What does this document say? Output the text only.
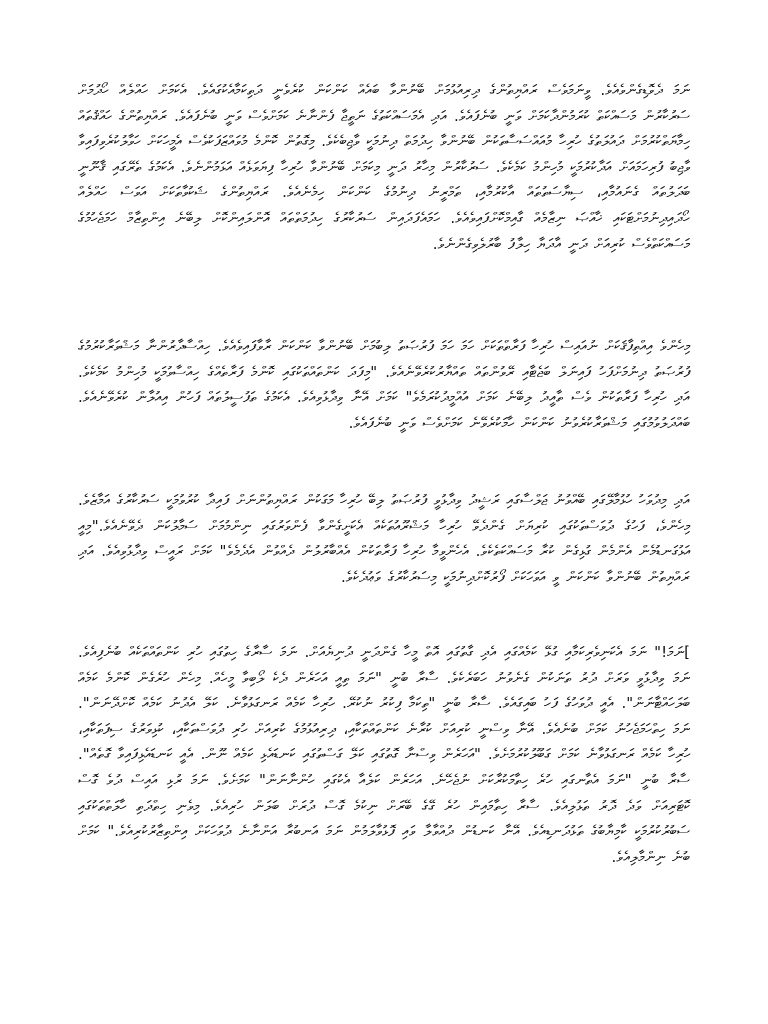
ނަމަ ދެވޮޑިގެންވެއެވެ. ވީނަމަވެސް ރައްޔިތުންގެ ދިރިއުޅުމަށް ބޭނުންވާ ބައެއް ކަންކަން ކުރެވެނީ ދަތިކަމާއެކުގައެވެ. އެކަމަށް ހައްލެއް ހޯދުމަށް ސަރުކާރުން މަސައްކަތް ކުރަމުންދާކަމަށް ވަނީ ބުނެފައެވެ. އަދި އެމަސައްކަތުގެ ނަތީޖާ ފެންނާނެ ކަމަށްވެސް ވަނީ ބުނެފައެވެ. ރައްޔިތުންގެ ހައްޤުތައް ހިމާޔަތްކުރުމަށް ދައުލަތުގެ ހުރިހާ މުއައްސަސާތަކުން ބޭނުންވާ ހިދުމަތް ދިނުމަކީ ވާޖިބެކެވެ. މިގޮތުން ކޮންމެ މުވައްޒަފަކުވެސް އެމީހަކަށް ހަވާލުކުރެވިފައިވާ ވާޖިބު ފުރިހަމައަށް އަދާކުރުމަކީ މުހިންމު ކަމެކެވެ. ސަރުކާރުން މިހާރު ދަނީ މިކަމަށް ބޭނުންވާ ހުރިހާ ފިޔަވަޅެއް އަޅަމުންނެވެ. އެކަމުގެ ތެރޭގައި ޤާނޫނީ ބަދަލުތައް ގެނައުމާއި، ސިޔާސަތުތައް އާކުރުމާއި، ތަމްރީނު ދިނުމުގެ ކަންކަން ހިމެނެއެވެ. ރައްޔިތުންގެ ޝަކުވާތަކަށް އަވަސް ހައްލެއް ހޯދައިދިނުމަށްޓަކައި ޚާއްޞަ ނިޒާމެއް ގާއިމްކޮށްފައިވެއެވެ. ހަމައެފަދައިން ސަރުކާރުގެ ހިދުމަތްތައް އޮންލައިންކޮށް ލިބޭނެ އިންތިޒާމް ހަމަޖެހުމުގެ މަސައްކަތްވެސް ކުރިއަށް ދަނީ އާދަޔާ ހިލާފު ބާރުލެވިގެންނެވެ.

މިހެންވެ އިއްތިފާޤަކަށް ނުއައިސް ހުރިހާ ފަރާތްތަކަށް ހަމަ ހަމަ ފުރުޞަތު ލިބުމަށް ބޭނުންވާ ކަންކަން ރާވާފައިވެއެވެ. ހިއްސާދާރުންނާ މަޝްވަރާކުރުމުގެ ފުރުޞަތު ދިނުމަށްފަހު ފައިނަލް ބަޖެޓާއި ރޭވުންތައް ތައްޔާރުކުރެވޭނެއެވެ. "މިފަދަ ކަންތައްތަކުގައި ކޮންމެ ފަރާތެއްގެ ހިއްސާވުމަކީ މުހިންމު ކަމެކެވެ. އަދި ހުރިހާ ފަރާތަކުން ވެސް ތާއީދު ލިބޭނެ ކަމަށް އުއްމީދުކުރަމެވެ" ކަމަށް އޭނާ ވިދާޅުވިއެވެ. އެކަމުގެ ތަފުސީލުތައް ފަހުން އިއުލާން ކުރެވޭނެއެވެ. ބައްދަލުވުމުގައި މަޝްވަރާކުރެވުނު ކަންކަން ހާމަކުރެވޭނެ ކަމަށްވެސް ވަނީ ބުނެފައެވެ.

އަދި މިދުވަހު ހުޅުމާލޭގައި ބޭއްވުނު ޖަލްސާގައި ރަޝީދު ވިދާޅުވީ ފުރުޞަތު ލިބޭ ހުރިހާ މަގަކުން ރައްޔިތުންނަށް ފައިދާ ކުރުވުމަކީ ސަރުކާރުގެ އަމާޒެވެ. މިހެންވެ، ފަހުގެ ދުވަސްތަކުގައި ކުރިޔަށް ގެންދެވޭ ހުރިހާ މަޝްރޫއުތަކެއް އެކަށީގެންވާ ފެންވަރުގައި ނިންމުމަށް ސަމާލުކަން ދެވޭނެއެވެ."މިއީ އަޅުގަނޑުމެން އެންމެން ގުޅިގެން ކުރާ މަސައްކަތެކެވެ. އެހެންވީމާ ހުރިހާ ފަރާތަކުން އެއްބާރުލުން ދެއްވުން އެދެމެވެ" ކަމަށް ރައީސް ވިދާޅުވިއެވެ. އަދި ރައްޔިތުން ބޭނުންވާ ކަންކަން ވީ އަވަހަކަށް ފޯރުކޮށްދިނުމަކީ މިސަރުކާރުގެ ވަޢުދެކެވެ.

]ނަމަ!" ނަމަ އެކަނިވެރިކަމާއި ގުޅޭ ކަމެއްގައި އެދި ގާތުގައި އޮތް މީހާ ގެންދަނީ ދުނިޔެއަށް. ނަމަ ސާރާގެ ހިތުގައި ހުރި ކަންތައްތަކެއް ބުނެފިއެވެ. ނަމަ ވިދާޅުވީ ވަރަށް ދުރު ތަނަކުން ގެނެވުނު ހަބަރެކެވެ. ސާރާ ބުނީ "ނަމަ ތިއީ އަހަރެން ދެކެ ލޯބިވާ މީހެއް. މިހެން ހުރެގެން ކޮންމެ ކަމެއް ބަލަހައްޓާނަން". އެއީ ދުވަހުގެ ފަހު ބައިގައެވެ. ސާރާ ބުނީ "ތިކަމާ ފިކުރު ނުކުރޭ. ހުރިހާ ކަމެއް ރަނގަޅުވާނެ. ކަލޭ އެދުނު ކަމެއް ކޮށްދޭނަން". ނަމަ ހިތްހަމަޖެހުނު ކަމަށް ބުނެއެވެ. އޭނާ ވިސްނީ ކުރިއަށް ކުރާނެ ކަންތައްތަކާއި، ދިރިއުޅުމުގެ ކުރިއަށް ހުރި ދުވަސްތަކާއި، ކުޅިވަރުގެ ސިފަތަކާއި، ހުރިހާ ކަމެއް ރަނގަޅުވާނެ ކަމަށް ގަބޫލުކުރުމަށެވެ. "އަހަރެން ވިސްނާ ގޮތުގައި ކަލޭ ގަސްތުގައި ކަނޑައެޅި ކަމެއް ނޫން. އެއީ ކަނޑައެޅިފައިވާ ގޮތެއް". ސާރާ ބުނީ "ނަމަ އެތާނގައި ހުރެ ހިތާމަކުރާކަށް ނުޖެހޭނެ. އަހަރެން ކަލެއާ އެކުގައި ހުންނާނަން" ކަމަށެވެ. ނަމަ ރުޅި އައިސް ދުވެ ގޮސް ކޮޓަރިއަށް ވަދެ ދޮރު ތަޅުލިއެވެ. ސާރާ ހިތާމައިން ހުރެ ގޭގެ ބޭރަށް ނިކުމެ ގޮސް ދުރަށް ބަލަން ހުރިއެވެ. މިވެނި ހިތްދަތި ހާލަތްތަކުގައި ސަބުރުކުރުމަކީ ކާމިޔާބުގެ ތަޅުދަނޑިއެވެ. އޭނާ ކަނޑުން ދުއްވާލާ ވައި ފޮޅުވާލަމުން ނަމަ އަނބުރާ އަންނާނެ ދުވަހަކަށް އިންތިޒާރުކުރިއެވެ." ކަމަށް ބުނެ ނިންމާލިއެވެ.
